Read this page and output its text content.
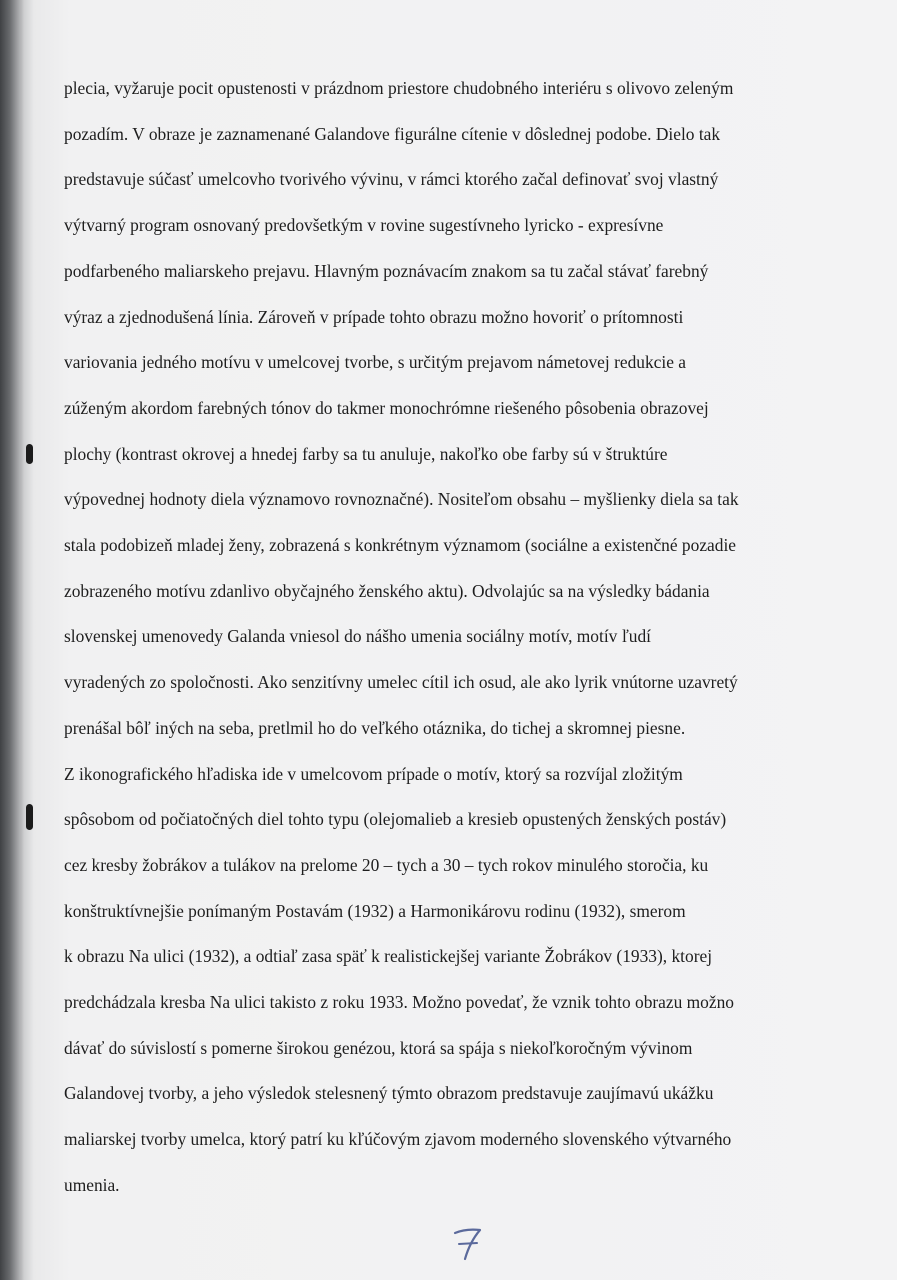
plecia, vyžaruje pocit opustenosti v prázdnom priestore chudobného interiéru s olivovo zeleným
pozadím. V obraze je zaznamenané Galandove figurálne cítenie v dôslednej podobe. Dielo tak
predstavuje súčasť umelcovho tvorivého vývinu, v rámci ktorého začal definovať svoj vlastný
výtvarný program osnovaný predovšetkým v rovine sugestívneho lyricko - expresívne
podfarbeného maliarskeho prejavu. Hlavným poznávacím znakom sa tu začal stávať farebný
výraz a zjednodušená línia. Zároveň v prípade tohto obrazu možno hovoriť o prítomnosti
variovania jedného motívu v umelcovej tvorbe, s určitým prejavom námetovej redukcie a
zúženým akordom farebných tónov do takmer monochrómne riešeného pôsobenia obrazovej
plochy (kontrast okrovej a hnedej farby sa tu anuluje, nakoľko obe farby sú v štruktúre
výpovednej hodnoty diela významovo rovnoznačné). Nositeľom obsahu – myšlienky diela sa tak
stala podobizeň mladej ženy, zobrazená s konkrétnym významom (sociálne a existenčné pozadie
zobrazeného motívu zdanlivo obyčajného ženského aktu). Odvolajúc sa na výsledky bádania
slovenskej umenovedy Galanda vniesol do nášho umenia sociálny motív, motív ľudí
vyradených zo spoločnosti. Ako senzitívny umelec cítil ich osud, ale ako lyrik vnútorne uzavretý
prenášal bôľ iných na seba, pretlmil ho do veľkého otáznika, do tichej a skromnej piesne.
Z ikonografického hľadiska ide v umelcovom prípade o motív, ktorý sa rozvíjal zložitým
spôsobom od počiatočných diel tohto typu (olejomalieb a kresieb opustených ženských postáv)
cez kresby žobrákov a tulákov na prelome 20 – tych a 30 – tych rokov minulého storočia, ku
konštruktívnejšie ponímaným Postavám (1932) a Harmonikárovu rodinu (1932), smerom
k obrazu Na ulici (1932), a odtiaľ zasa späť k realistickejšej variante Žobrákov (1933), ktorej
predchádzala kresba Na ulici takisto z roku 1933. Možno povedať, že vznik tohto obrazu možno
dávať do súvislostí s pomerne širokou genézou, ktorá sa spája s niekoľkoročným vývinom
Galandovej tvorby, a jeho výsledok stelesnený týmto obrazom predstavuje zaujímavú ukážku
maliarskej tvorby umelca, ktorý patrí ku kľúčovým zjavom moderného slovenského výtvarného
umenia.
